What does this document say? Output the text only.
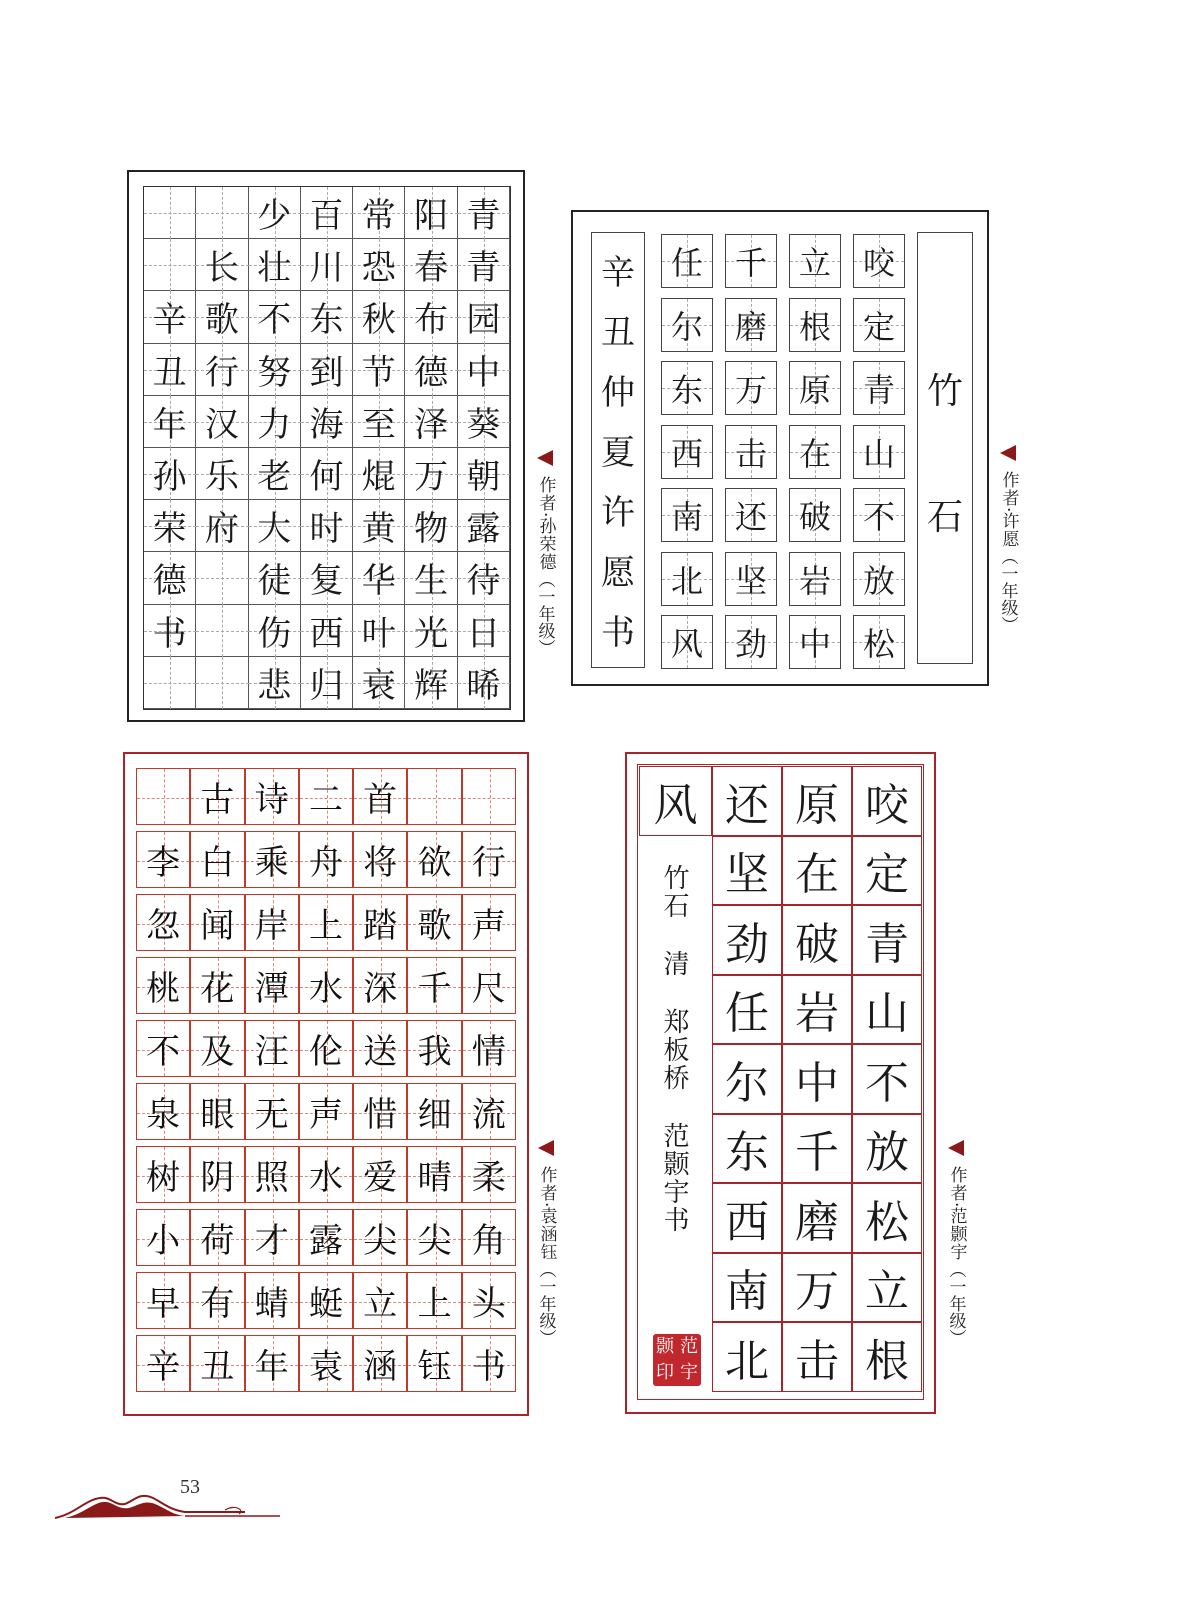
青
青
园
中
葵
朝
露
待
日
晞
阳
春
布
德
泽
万
物
生
光
辉
常
恐
秋
节
至
焜
黄
华
叶
衰
百
川
东
到
海
何
时
复
西
归
少
壮
不
努
力
老
大
徒
伤
悲
长
歌
行
汉
乐
府
辛
丑
年
孙
荣
德
书
作者
·
孙荣德
（一年级）
竹
石
咬
定
青
山
不
放
松
立
根
原
在
破
岩
中
千
磨
万
击
还
坚
劲
任
尔
东
西
南
北
风
辛
丑
仲
夏
许
愿
书
作者
·
许愿
（一年级）
古 诗 二 首
李 白 乘 舟 将 欲 行
忽 闻 岸 上 踏 歌 声
桃 花 潭 水 深 千 尺
不 及 汪 伦 送 我 情
泉 眼 无 声 惜 细 流
树 阴 照 水 爱 晴 柔
小 荷 才 露 尖 尖 角
早 有 蜻 蜓 立 上 头
辛 丑 年 袁 涵 钰 书
作者
·
袁涵钰
（一年级）
咬
定
青
山
不
放
松
立
根
原
在
破
岩
中
千
磨
万
击
还
坚
劲
任
尔
东
西
南
北
风
竹石
清
郑板桥
范颢宇书
颢 范
印 宇
作者
·
范颢宇
（一年级）
53
